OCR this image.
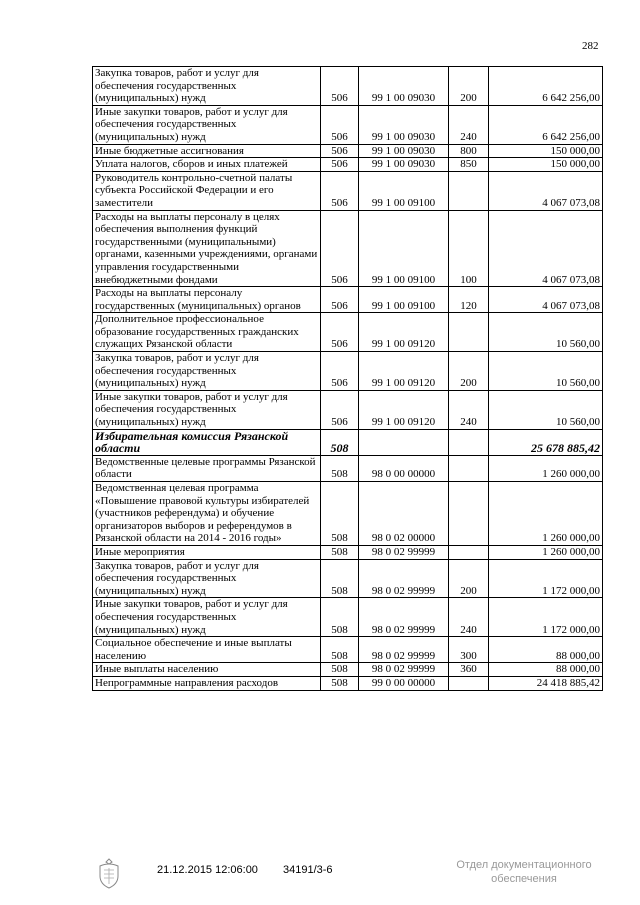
282
Закупка товаров, работ и услуг для обеспечения государственных (муниципальных) нужд	506	99 1 00 09030	200	6 642 256,00
Иные закупки товаров, работ и услуг для обеспечения государственных (муниципальных) нужд	506	99 1 00 09030	240	6 642 256,00
Иные бюджетные ассигнования	506	99 1 00 09030	800	150 000,00
Уплата налогов, сборов и иных платежей	506	99 1 00 09030	850	150 000,00
Руководитель контрольно-счетной палаты субъекта Российской Федерации и его заместители	506	99 1 00 09100		4 067 073,08
Расходы на выплаты персоналу в целях обеспечения выполнения функций государственными (муниципальными) органами, казенными учреждениями, органами управления государственными внебюджетными фондами	506	99 1 00 09100	100	4 067 073,08
Расходы на выплаты персоналу государственных (муниципальных) органов	506	99 1 00 09100	120	4 067 073,08
Дополнительное профессиональное образование государственных гражданских служащих Рязанской области	506	99 1 00 09120		10 560,00
Закупка товаров, работ и услуг для обеспечения государственных (муниципальных) нужд	506	99 1 00 09120	200	10 560,00
Иные закупки товаров, работ и услуг для обеспечения государственных (муниципальных) нужд	506	99 1 00 09120	240	10 560,00
Избирательная комиссия Рязанской области	508			25 678 885,42
Ведомственные целевые программы Рязанской области	508	98 0 00 00000		1 260 000,00
Ведомственная целевая программа «Повышение правовой культуры избирателей (участников референдума) и обучение организаторов выборов и референдумов в Рязанской области на 2014 - 2016 годы»	508	98 0 02 00000		1 260 000,00
Иные мероприятия	508	98 0 02 99999		1 260 000,00
Закупка товаров, работ и услуг для обеспечения государственных (муниципальных) нужд	508	98 0 02 99999	200	1 172 000,00
Иные закупки товаров, работ и услуг для обеспечения государственных (муниципальных) нужд	508	98 0 02 99999	240	1 172 000,00
Социальное обеспечение и иные выплаты населению	508	98 0 02 99999	300	88 000,00
Иные выплаты населению	508	98 0 02 99999	360	88 000,00
Непрограммные направления расходов	508	99 0 00 00000		24 418 885,42
21.12.2015 12:06:00 34191/3-6	Отдел документационного
обеспечения
